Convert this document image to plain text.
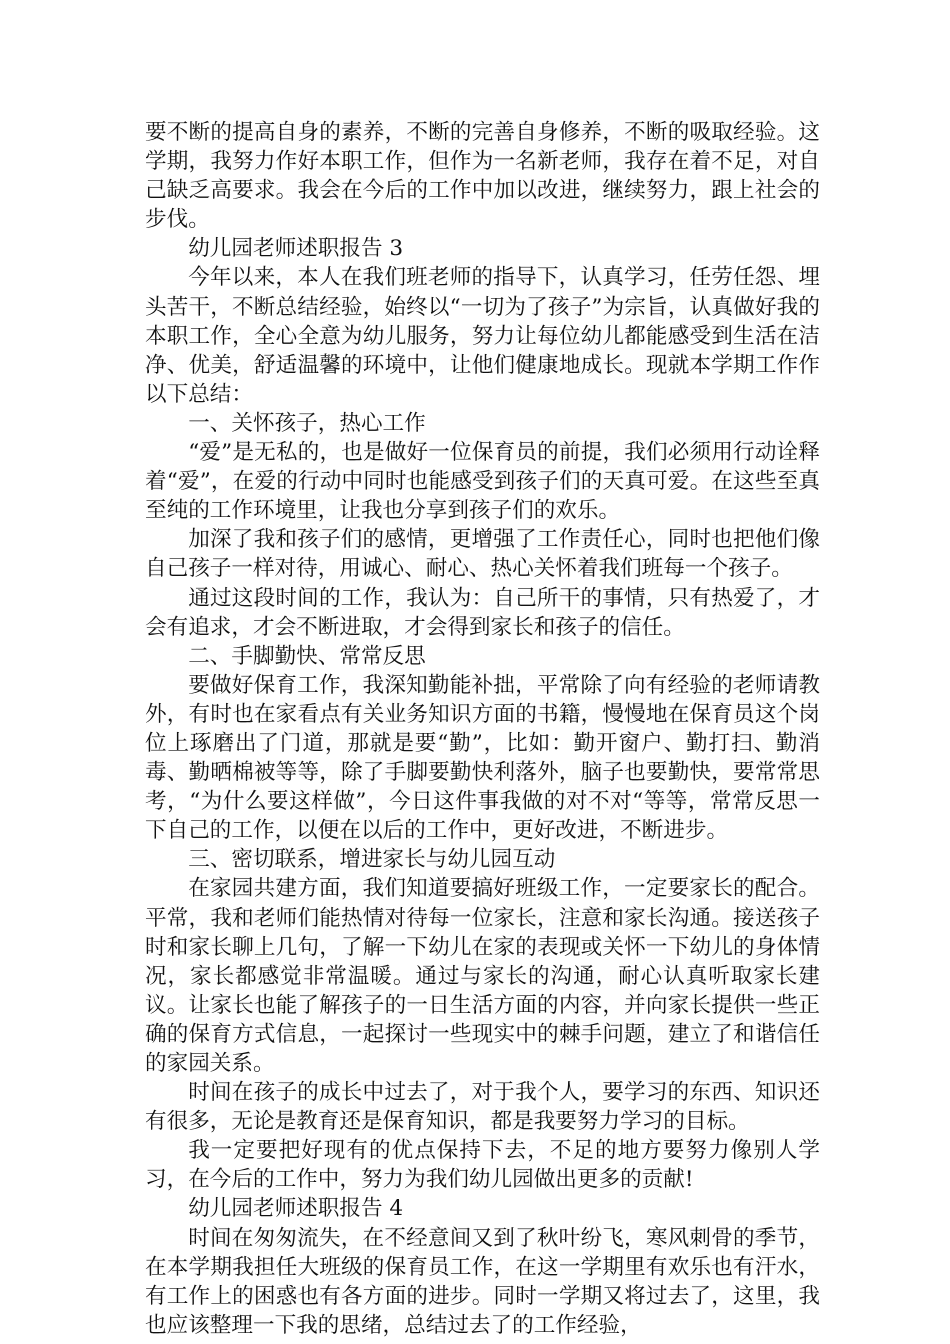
要不断的提高自身的素养，不断的完善自身修养，不断的吸取经验。这学期，我努力作好本职工作，但作为一名新老师，我存在着不足，对自己缺乏高要求。我会在今后的工作中加以改进，继续努力，跟上社会的步伐。

幼儿园老师述职报告 3

今年以来，本人在我们班老师的指导下，认真学习，任劳任怨、埋头苦干，不断总结经验，始终以“一切为了孩子”为宗旨，认真做好我的本职工作，全心全意为幼儿服务，努力让每位幼儿都能感受到生活在洁净、优美，舒适温馨的环境中，让他们健康地成长。现就本学期工作作以下总结：

一、关怀孩子，热心工作

“爱”是无私的，也是做好一位保育员的前提，我们必须用行动诠释着“爱”，在爱的行动中同时也能感受到孩子们的天真可爱。在这些至真至纯的工作环境里，让我也分享到孩子们的欢乐。

加深了我和孩子们的感情，更增强了工作责任心，同时也把他们像自己孩子一样对待，用诚心、耐心、热心关怀着我们班每一个孩子。

通过这段时间的工作，我认为：自己所干的事情，只有热爱了，才会有追求，才会不断进取，才会得到家长和孩子的信任。

二、手脚勤快、常常反思

要做好保育工作，我深知勤能补拙，平常除了向有经验的老师请教外，有时也在家看点有关业务知识方面的书籍，慢慢地在保育员这个岗位上琢磨出了门道，那就是要“勤”，比如：勤开窗户、勤打扫、勤消毒、勤晒棉被等等，除了手脚要勤快利落外，脑子也要勤快，要常常思考，“为什么要这样做”，今日这件事我做的对不对“等等，常常反思一下自己的工作，以便在以后的工作中，更好改进，不断进步。

三、密切联系，增进家长与幼儿园互动

在家园共建方面，我们知道要搞好班级工作，一定要家长的配合。平常，我和老师们能热情对待每一位家长，注意和家长沟通。接送孩子时和家长聊上几句，了解一下幼儿在家的表现或关怀一下幼儿的身体情况，家长都感觉非常温暖。通过与家长的沟通，耐心认真听取家长建议。让家长也能了解孩子的一日生活方面的内容，并向家长提供一些正确的保育方式信息，一起探讨一些现实中的棘手问题，建立了和谐信任的家园关系。

时间在孩子的成长中过去了，对于我个人，要学习的东西、知识还有很多，无论是教育还是保育知识，都是我要努力学习的目标。

我一定要把好现有的优点保持下去，不足的地方要努力像别人学习，在今后的工作中，努力为我们幼儿园做出更多的贡献!

幼儿园老师述职报告 4

时间在匆匆流失，在不经意间又到了秋叶纷飞，寒风刺骨的季节，在本学期我担任大班级的保育员工作，在这一学期里有欢乐也有汗水，有工作上的困惑也有各方面的进步。同时一学期又将过去了，这里，我也应该整理一下我的思绪，总结过去了的工作经验，
